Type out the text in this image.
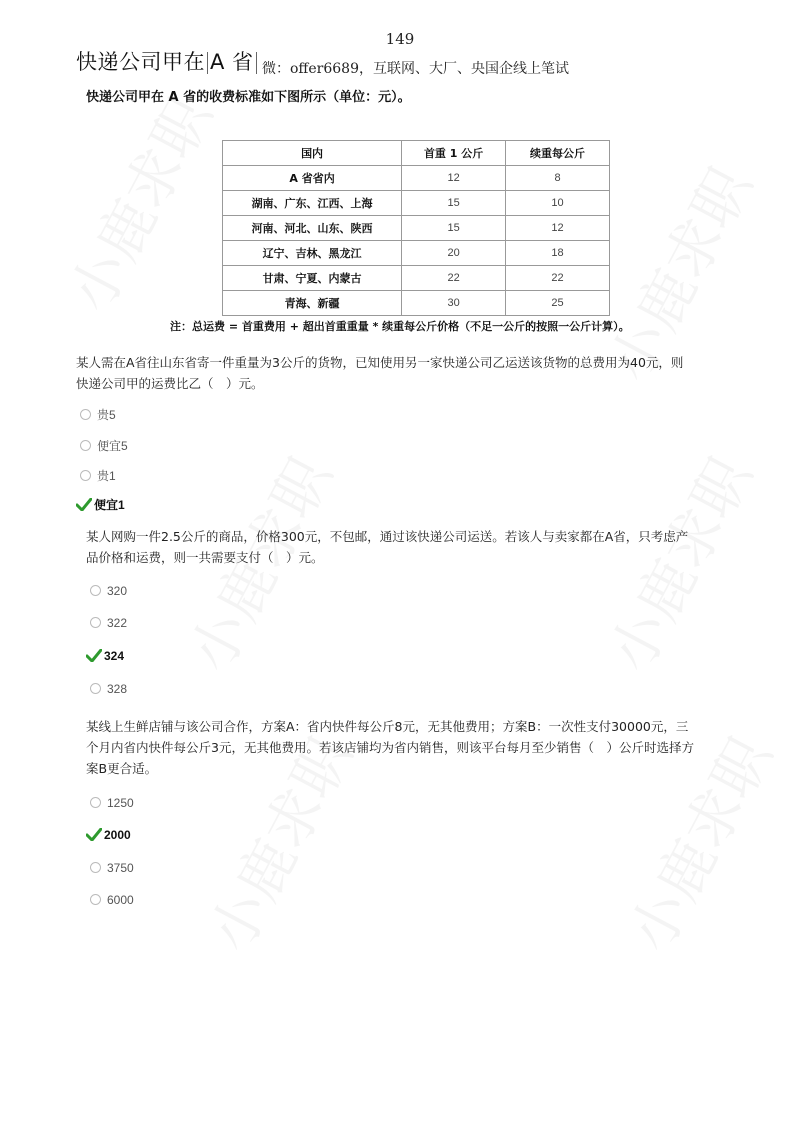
149
快递公司甲在 A 省 微：offer6689，互联网、大厂、央国企线上笔试
快递公司甲在 A 省的收费标准如下图所示（单位：元）。
国内	首重 1 公斤	续重每公斤
A 省省内	12	8
湖南、广东、江西、上海	15	10
河南、河北、山东、陕西	15	12
辽宁、吉林、黑龙江	20	18
甘肃、宁夏、内蒙古	22	22
青海、新疆	30	25
注：总运费 = 首重费用 + 超出首重重量 * 续重每公斤价格（不足一公斤的按照一公斤计算）。
某人需在A省往山东省寄一件重量为3公斤的货物，已知使用另一家快递公司乙运送该货物的总费用为40元，则
快递公司甲的运费比乙（　）元。
贵5
便宜5
贵1
便宜1
某人网购一件2.5公斤的商品，价格300元，不包邮，通过该快递公司运送。若该人与卖家都在A省，只考虑产
品价格和运费，则一共需要支付（　）元。
320
322
324
328
某线上生鲜店铺与该公司合作，方案A：省内快件每公斤8元，无其他费用；方案B：一次性支付30000元，三
个月内省内快件每公斤3元，无其他费用。若该店铺均为省内销售，则该平台每月至少销售（　）公斤时选择方
案B更合适。
1250
2000
3750
6000
